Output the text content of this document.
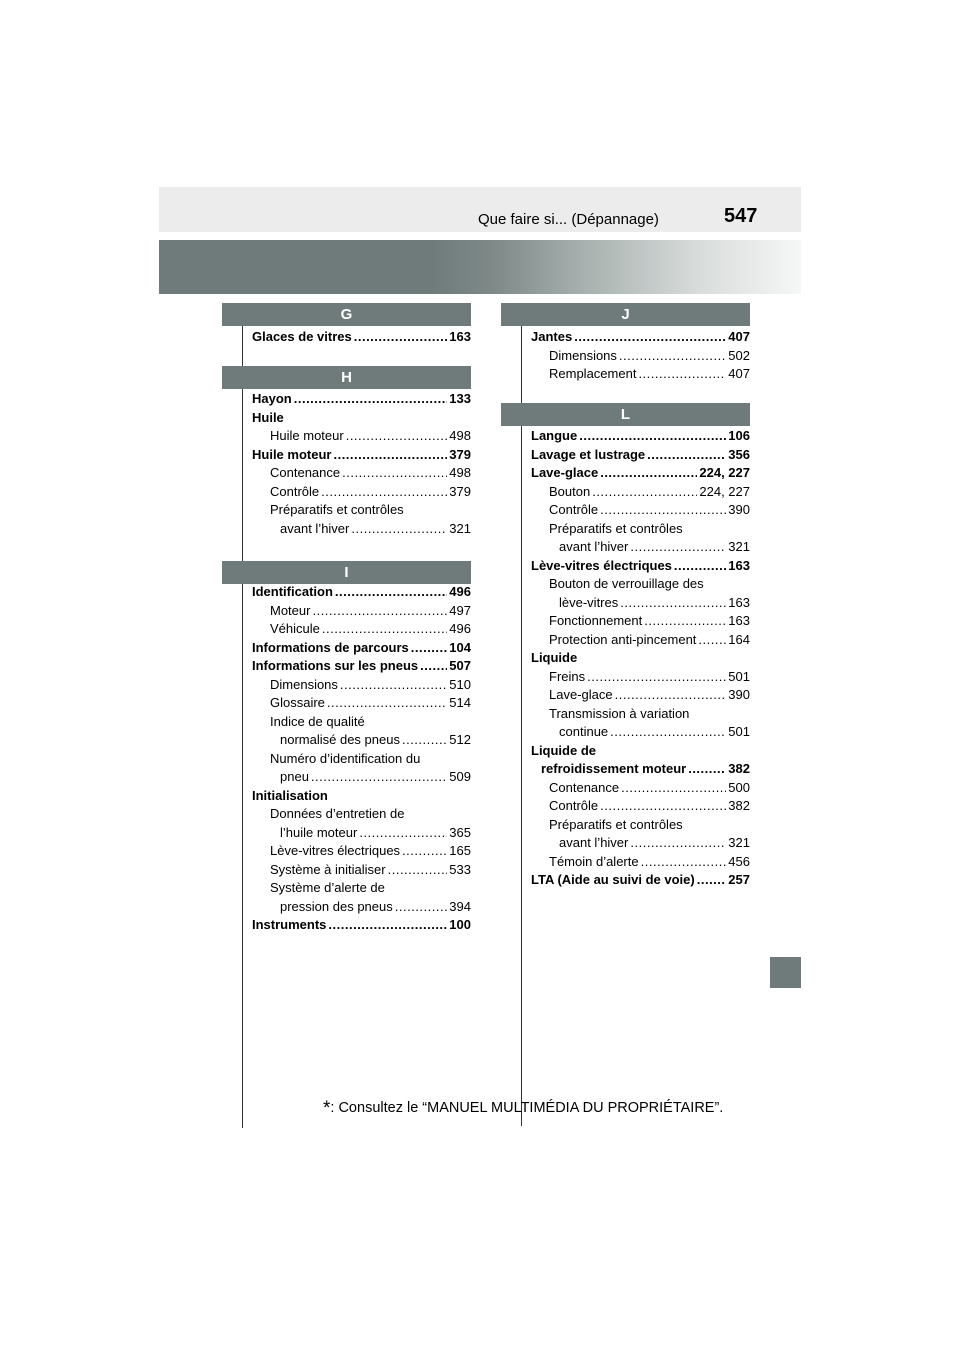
Que faire si... (Dépannage)	547
G
Glaces de vitres .....	163
H
Hayon .....	133
Huile
Huile moteur .....	498
Huile moteur .....	379
Contenance .....	498
Contrôle .....	379
Préparatifs et contrôles
avant l’hiver .....	321
I
Identification .....	496
Moteur .....	497
Véhicule .....	496
Informations de parcours .....	104
Informations sur les pneus ..... 507
Dimensions .....	510
Glossaire .....	514
Indice de qualité
normalisé des pneus .....	512
Numéro d’identification du
pneu .....	509
Initialisation
Données d’entretien de
l’huile moteur .....	365
Lève-vitres électriques .....	165
Système à initialiser .....	533
Système d’alerte de
pression des pneus .....	394
Instruments .....	100
J
Jantes .....	407
Dimensions .....	502
Remplacement .....	407
L
Langue .....	106
Lavage et lustrage .....	356
Lave-glace .....	224, 227
Bouton .....	224, 227
Contrôle .....	390
Préparatifs et contrôles
avant l’hiver .....	321
Lève-vitres électriques .....	163
Bouton de verrouillage des
lève-vitres .....	163
Fonctionnement .....	163
Protection anti-pincement ..... 164
Liquide
Freins .....	501
Lave-glace .....	390
Transmission à variation
continue .....	501
Liquide de
refroidissement moteur .....	382
Contenance .....	500
Contrôle .....	382
Préparatifs et contrôles
avant l’hiver .....	321
Témoin d’alerte .....	456
LTA (Aide au suivi de voie) .....	257
*: Consultez le “MANUEL MULTIMÉDIA DU PROPRIÉTAIRE”.
